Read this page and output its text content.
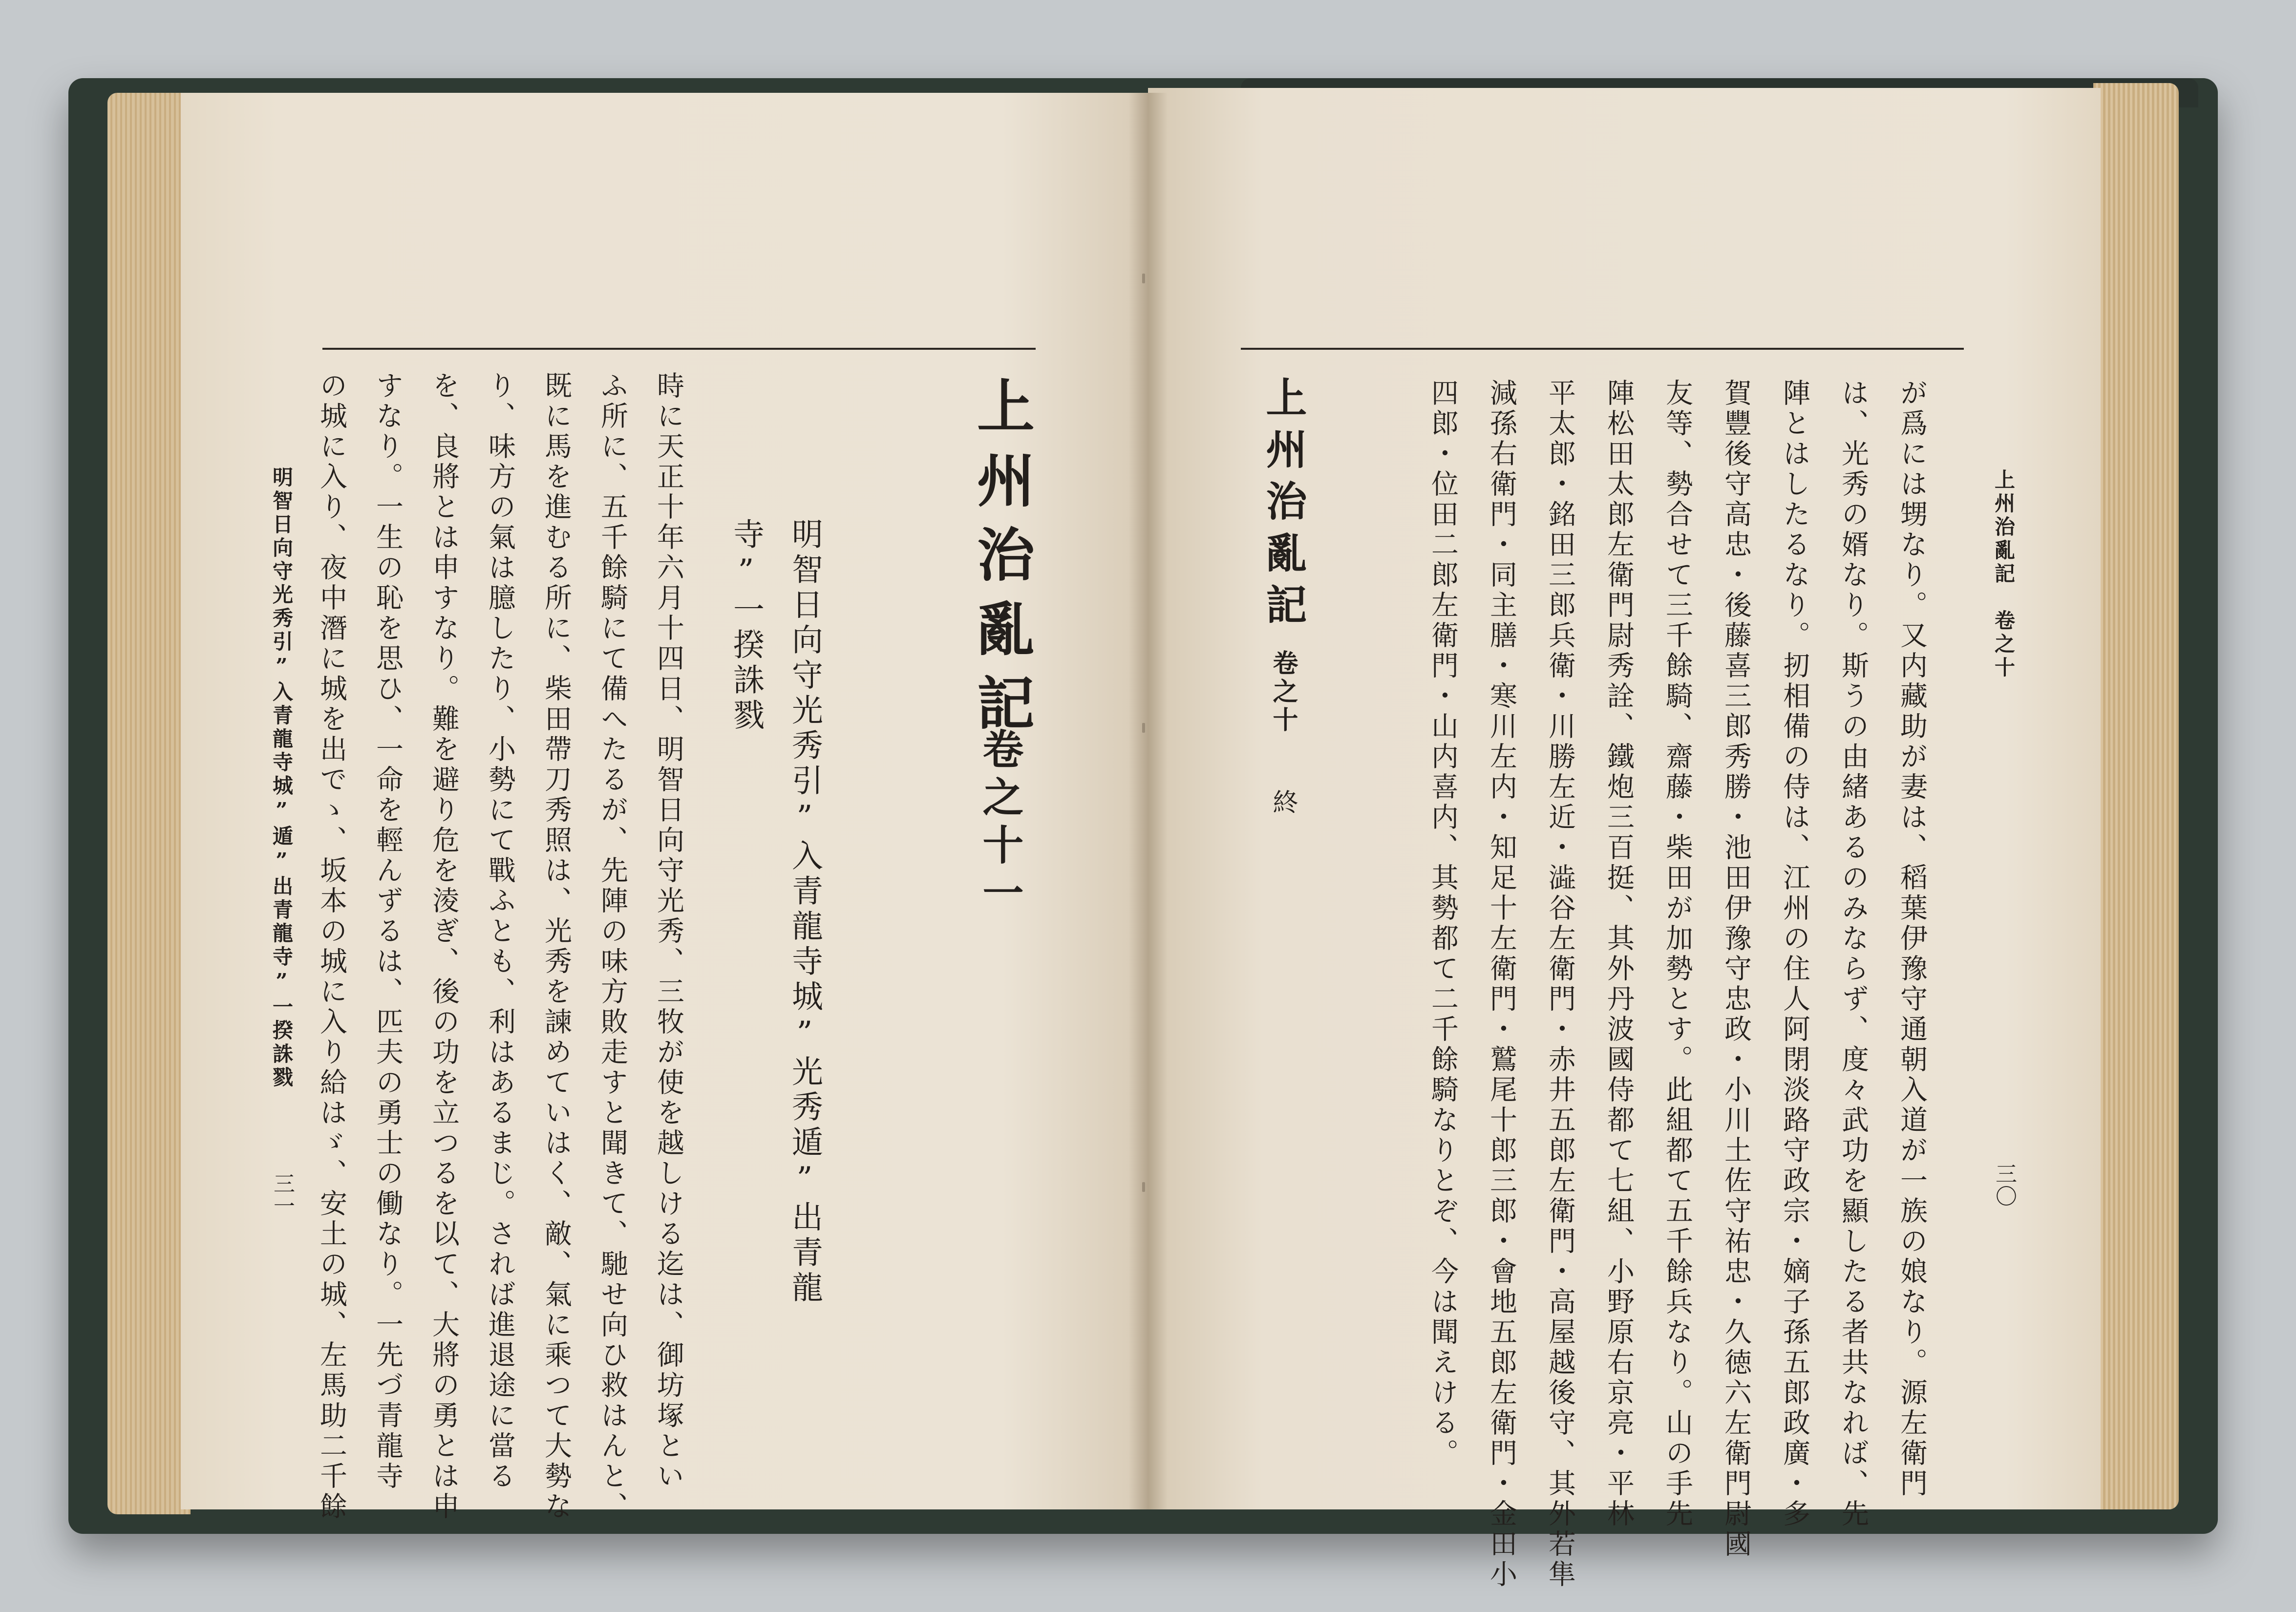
上州治亂記
卷之十一
明智日向守光秀引”入青龍寺城”光秀遁”出青龍
寺”一揆誅戮
時に天正十年六月十四日、明智日向守光秀、三牧が使を越しける迄は、御坊塚とい
ふ所に、五千餘騎にて備へたるが、先陣の味方敗走すと聞きて、馳せ向ひ救はんと、
既に馬を進むる所に、柴田帶刀秀照は、光秀を諫めていはく、敵、氣に乘つて大勢な
り、味方の氣は臆したり、小勢にて戰ふとも、利はあるまじ。されば進退途に當る
を、良將とは申すなり。難を避り危を淩ぎ、後の功を立つるを以て、大將の勇とは申
すなり。一生の恥を思ひ、一命を輕んずるは、匹夫の勇士の働なり。一先づ青龍寺
の城に入り、夜中潛に城を出でゝ、坂本の城に入り給はゞ、安土の城、左馬助二千餘
明智日向守光秀引”入青龍寺城”遁”出青龍寺”一揆誅戮
三一
上州治亂記　卷之十
三〇
が爲には甥なり。又内藏助が妻は、稻葉伊豫守通朝入道が一族の娘なり。源左衛門
は、光秀の婿なり。斯うの由緒あるのみならず、度々武功を顯したる者共なれば、先
陣とはしたるなり。扨相備の侍は、江州の住人阿閉淡路守政宗・嫡子孫五郎政廣・多
賀豐後守高忠・後藤喜三郎秀勝・池田伊豫守忠政・小川土佐守祐忠・久徳六左衛門尉國
友等、勢合せて三千餘騎、齋藤・柴田が加勢とす。此組都て五千餘兵なり。山の手先
陣松田太郎左衛門尉秀詮、鐵炮三百挺、其外丹波國侍都て七組、小野原右京亮・平林
平太郎・銘田三郎兵衛・川勝左近・澁谷左衛門・赤井五郎左衛門・高屋越後守、其外若隼
減孫右衛門・同主膳・寒川左内・知足十左衛門・鷲尾十郎三郎・會地五郎左衛門・金田小
四郎・位田二郎左衛門・山内喜内、其勢都て二千餘騎なりとぞ、今は聞えける。
上州治亂記
卷之十
終
